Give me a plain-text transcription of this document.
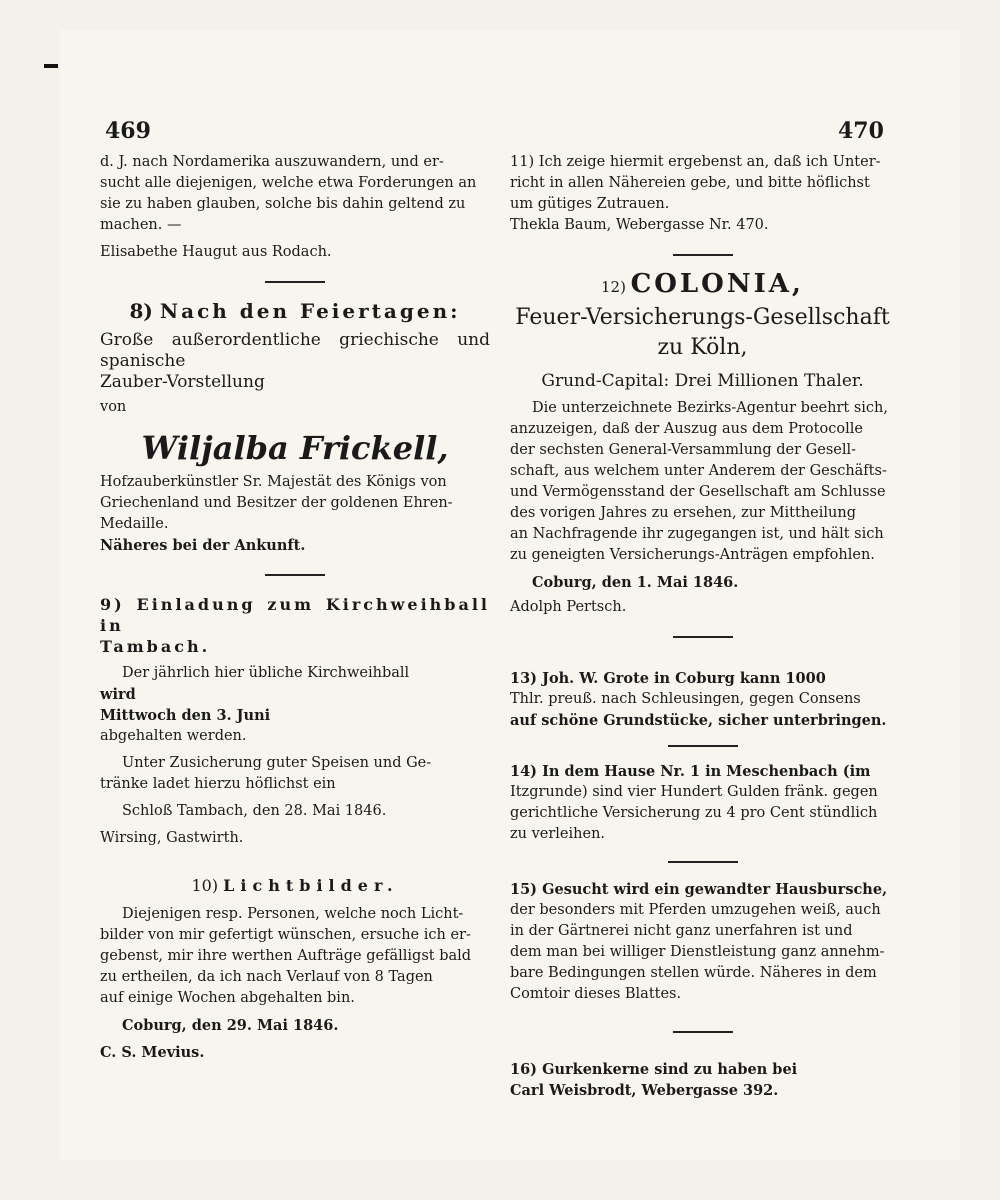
469	470

d. J. nach Nordamerika auszuwandern, und er-

sucht alle diejenigen, welche etwa Forderungen an

sie zu haben glauben, solche bis dahin geltend zu

machen. —

Elisabethe Haugut aus Rodach.

8) Nach den Feiertagen:

Große außerordentliche griechische und spanische

Zauber-Vorstellung

von

Wiljalba Frickell,

Hofzauberkünstler Sr. Majestät des Königs von

Griechenland und Besitzer der goldenen Ehren-

Medaille.

Näheres bei der Ankunft.

9) Einladung zum Kirchweihball in

Tambach.

Der jährlich hier übliche Kirchweihball

wird

Mittwoch den 3. Juni

abgehalten werden.

Unter Zusicherung guter Speisen und Ge-

tränke ladet hierzu höflichst ein

Schloß Tambach, den 28. Mai 1846.

Wirsing, Gastwirth.

10) Lichtbilder.

Diejenigen resp. Personen, welche noch Licht-

bilder von mir gefertigt wünschen, ersuche ich er-

gebenst, mir ihre werthen Aufträge gefälligst bald

zu ertheilen, da ich nach Verlauf von 8 Tagen

auf einige Wochen abgehalten bin.

Coburg, den 29. Mai 1846.

C. S. Mevius.

11) Ich zeige hiermit ergebenst an, daß ich Unter-

richt in allen Nähereien gebe, und bitte höflichst

um gütiges Zutrauen.

Thekla Baum, Webergasse Nr. 470.

12) COLONIA,
Feuer-Versicherungs-Gesellschaft
zu Köln,
Grund-Capital: Drei Millionen Thaler.

Die unterzeichnete Bezirks-Agentur beehrt sich,

anzuzeigen, daß der Auszug aus dem Protocolle

der sechsten General-Versammlung der Gesell-

schaft, aus welchem unter Anderem der Geschäfts-

und Vermögensstand der Gesellschaft am Schlusse

des vorigen Jahres zu ersehen, zur Mittheilung

an Nachfragende ihr zugegangen ist, und hält sich

zu geneigten Versicherungs-Anträgen empfohlen.

Coburg, den 1. Mai 1846.

Adolph Pertsch.

13) Joh. W. Grote in Coburg kann 1000

Thlr. preuß. nach Schleusingen, gegen Consens

auf schöne Grundstücke, sicher unterbringen.

14) In dem Hause Nr. 1 in Meschenbach (im

Itzgrunde) sind vier Hundert Gulden fränk. gegen

gerichtliche Versicherung zu 4 pro Cent stündlich

zu verleihen.

15) Gesucht wird ein gewandter Hausbursche,

der besonders mit Pferden umzugehen weiß, auch

in der Gärtnerei nicht ganz unerfahren ist und

dem man bei williger Dienstleistung ganz annehm-

bare Bedingungen stellen würde. Näheres in dem

Comtoir dieses Blattes.

16) Gurkenkerne sind zu haben bei

Carl Weisbrodt, Webergasse 392.
